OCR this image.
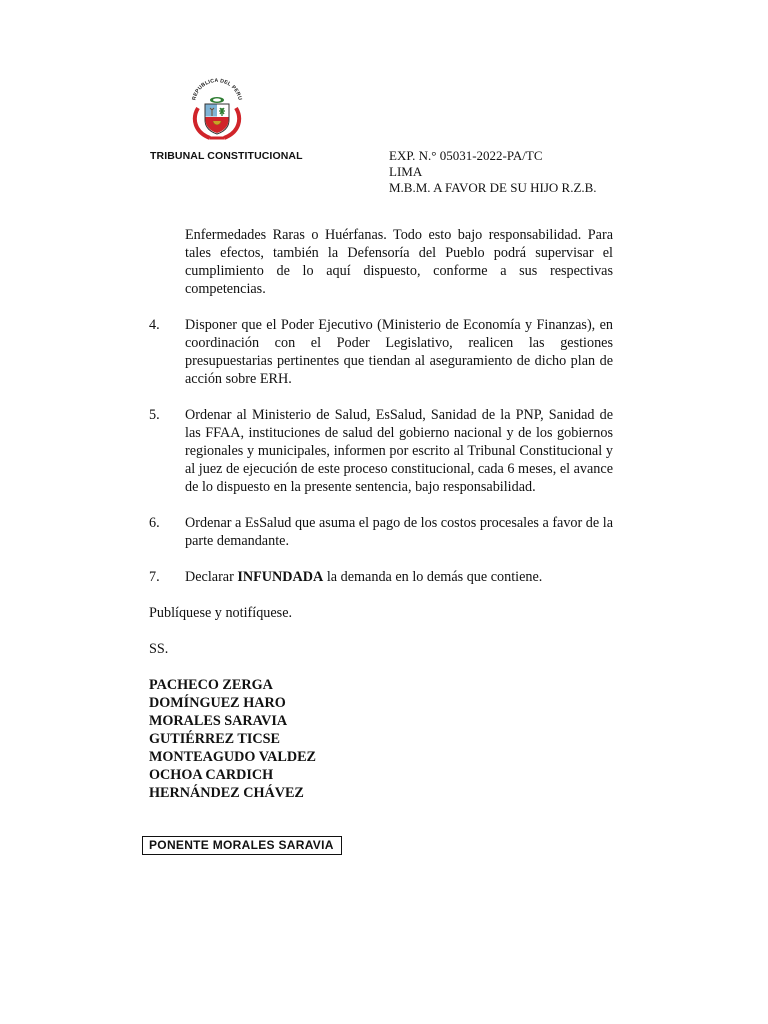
REPUBLICA DEL PERU
TRIBUNAL CONSTITUCIONAL	EXP. N.° 05031-2022-PA/TC
LIMA
M.B.M. A FAVOR DE SU HIJO R.Z.B.

Enfermedades Raras o Huérfanas. Todo esto bajo responsabilidad. Para tales efectos, también la Defensoría del Pueblo podrá supervisar el cumplimiento de lo aquí dispuesto, conforme a sus respectivas competencias.

4.	Disponer que el Poder Ejecutivo (Ministerio de Economía y Finanzas), en coordinación con el Poder Legislativo, realicen las gestiones presupuestarias pertinentes que tiendan al aseguramiento de dicho plan de acción sobre ERH.
5.	Ordenar al Ministerio de Salud, EsSalud, Sanidad de la PNP, Sanidad de las FFAA, instituciones de salud del gobierno nacional y de los gobiernos regionales y municipales, informen por escrito al Tribunal Constitucional y al juez de ejecución de este proceso constitucional, cada 6 meses, el avance de lo dispuesto en la presente sentencia, bajo responsabilidad.
6.	Ordenar a EsSalud que asuma el pago de los costos procesales a favor de la parte demandante.
7.	Declarar INFUNDADA la demanda en lo demás que contiene.

Publíquese y notifíquese.

SS.

PACHECO ZERGA
DOMÍNGUEZ HARO
MORALES SARAVIA
GUTIÉRREZ TICSE
MONTEAGUDO VALDEZ
OCHOA CARDICH
HERNÁNDEZ CHÁVEZ
PONENTE MORALES SARAVIA
